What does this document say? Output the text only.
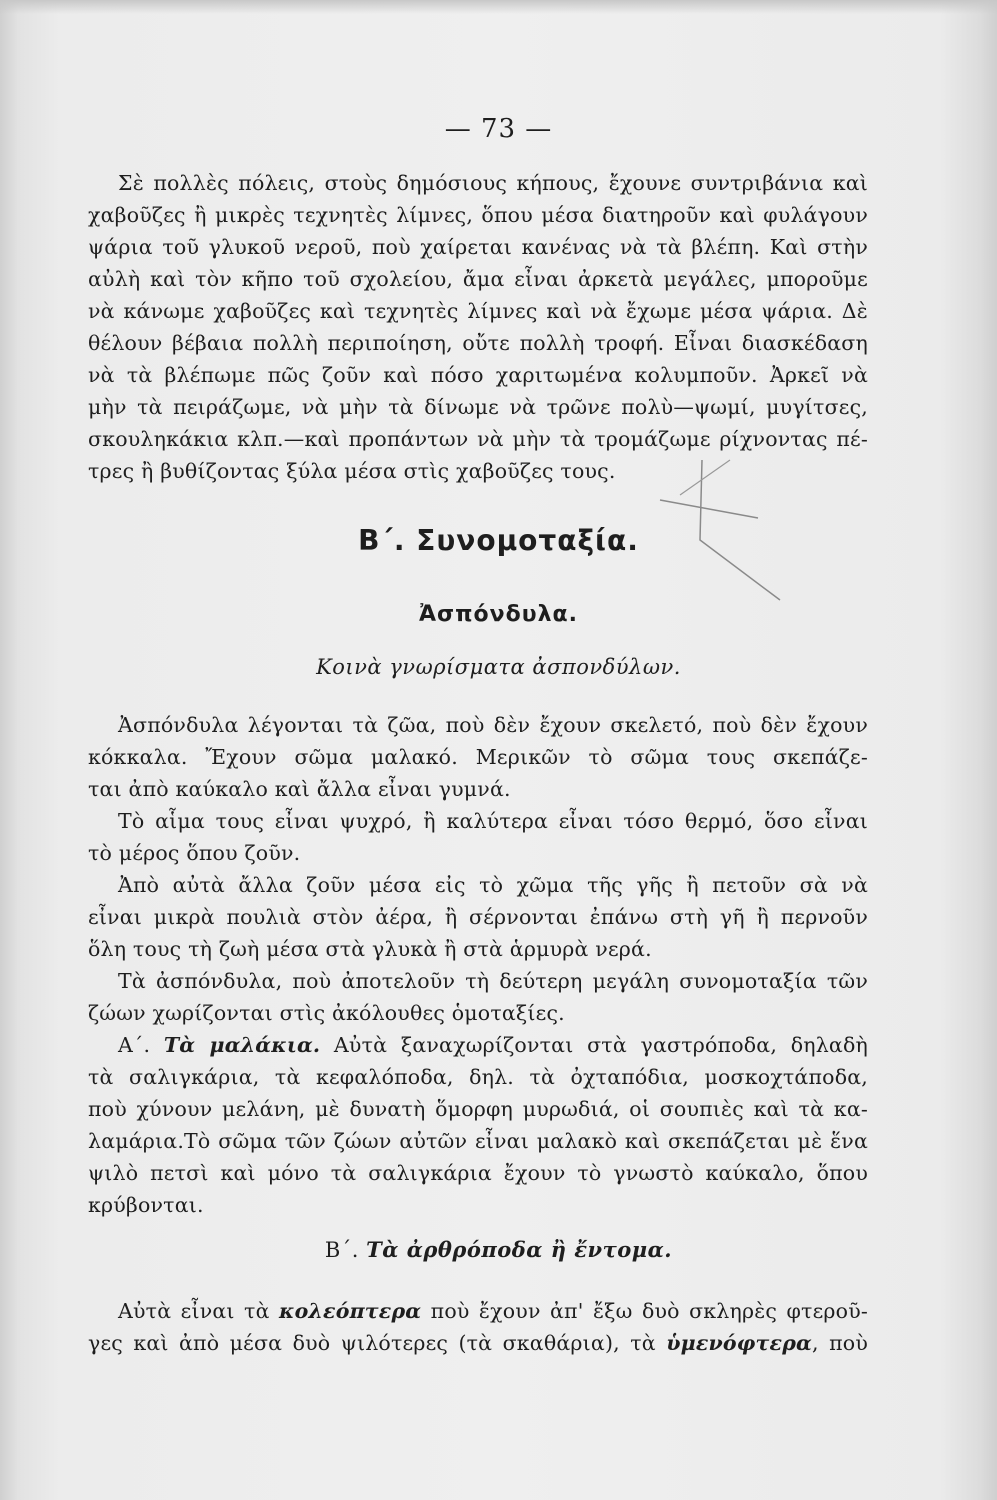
— 73 —
Σὲ πολλὲς πόλεις, στοὺς δημόσιους κήπους, ἔχουνε συντριβάνια καὶ
χαβοῦζες ἢ μικρὲς τεχνητὲς λίμνες, ὅπου μέσα διατηροῦν καὶ φυλάγουν
ψάρια τοῦ γλυκοῦ νεροῦ, ποὺ χαίρεται κανένας νὰ τὰ βλέπη. Καὶ στὴν
αὐλὴ καὶ τὸν κῆπο τοῦ σχολείου, ἄμα εἶναι ἀρκετὰ μεγάλες, μποροῦμε
νὰ κάνωμε χαβοῦζες καὶ τεχνητὲς λίμνες καὶ νὰ ἔχωμε μέσα ψάρια. Δὲ
θέλουν βέβαια πολλὴ περιποίηση, οὔτε πολλὴ τροφή. Εἶναι διασκέδαση
νὰ τὰ βλέπωμε πῶς ζοῦν καὶ πόσο χαριτωμένα κολυμποῦν. Ἀρκεῖ νὰ
μὴν τὰ πειράζωμε, νὰ μὴν τὰ δίνωμε νὰ τρῶνε πολὺ—ψωμί, μυγίτσες,
σκουληκάκια κλπ.—καὶ προπάντων νὰ μὴν τὰ τρομάζωμε ρίχνοντας πέ-
τρες ἢ βυθίζοντας ξύλα μέσα στὶς χαβοῦζες τους.
Β΄. Συνομοταξία.
Ἀσπόνδυλα.
Κοινὰ γνωρίσματα ἀσπονδύλων.
Ἀσπόνδυλα λέγονται τὰ ζῶα, ποὺ δὲν ἔχουν σκελετό, ποὺ δὲν ἔχουν
κόκκαλα. Ἔχουν σῶμα μαλακό. Μερικῶν τὸ σῶμα τους σκεπάζε-
ται ἀπὸ καύκαλο καὶ ἄλλα εἶναι γυμνά.
Τὸ αἷμα τους εἶναι ψυχρό, ἢ καλύτερα εἶναι τόσο θερμό, ὅσο εἶναι
τὸ μέρος ὅπου ζοῦν.
Ἀπὸ αὐτὰ ἄλλα ζοῦν μέσα εἰς τὸ χῶμα τῆς γῆς ἢ πετοῦν σὰ νὰ
εἶναι μικρὰ πουλιὰ στὸν ἀέρα, ἢ σέρνονται ἐπάνω στὴ γῆ ἢ περνοῦν
ὅλη τους τὴ ζωὴ μέσα στὰ γλυκὰ ἢ στὰ ἁρμυρὰ νερά.
Τὰ ἀσπόνδυλα, ποὺ ἀποτελοῦν τὴ δεύτερη μεγάλη συνομοταξία τῶν
ζώων χωρίζονται στὶς ἀκόλουθες ὁμοταξίες.
Α΄. Τὰ μαλάκια. Αὐτὰ ξαναχωρίζονται στὰ γαστρόποδα, δηλαδὴ
τὰ σαλιγκάρια, τὰ κεφαλόποδα, δηλ. τὰ ὀχταπόδια, μοσκοχτάποδα,
ποὺ χύνουν μελάνη, μὲ δυνατὴ ὅμορφη μυρωδιά, οἱ σουπιὲς καὶ τὰ κα-
λαμάρια.Τὸ σῶμα τῶν ζώων αὐτῶν εἶναι μαλακὸ καὶ σκεπάζεται μὲ ἕνα
ψιλὸ πετσὶ καὶ μόνο τὰ σαλιγκάρια ἔχουν τὸ γνωστὸ καύκαλο, ὅπου
κρύβονται.
Β΄. Τὰ ἀρθρόποδα ἢ ἔντομα.
Αὐτὰ εἶναι τὰ κολεόπτερα ποὺ ἔχουν ἀπ' ἔξω δυὸ σκληρὲς φτεροῦ-
γες καὶ ἀπὸ μέσα δυὸ ψιλότερες (τὰ σκαθάρια), τὰ ὑμενόφτερα, ποὺ
